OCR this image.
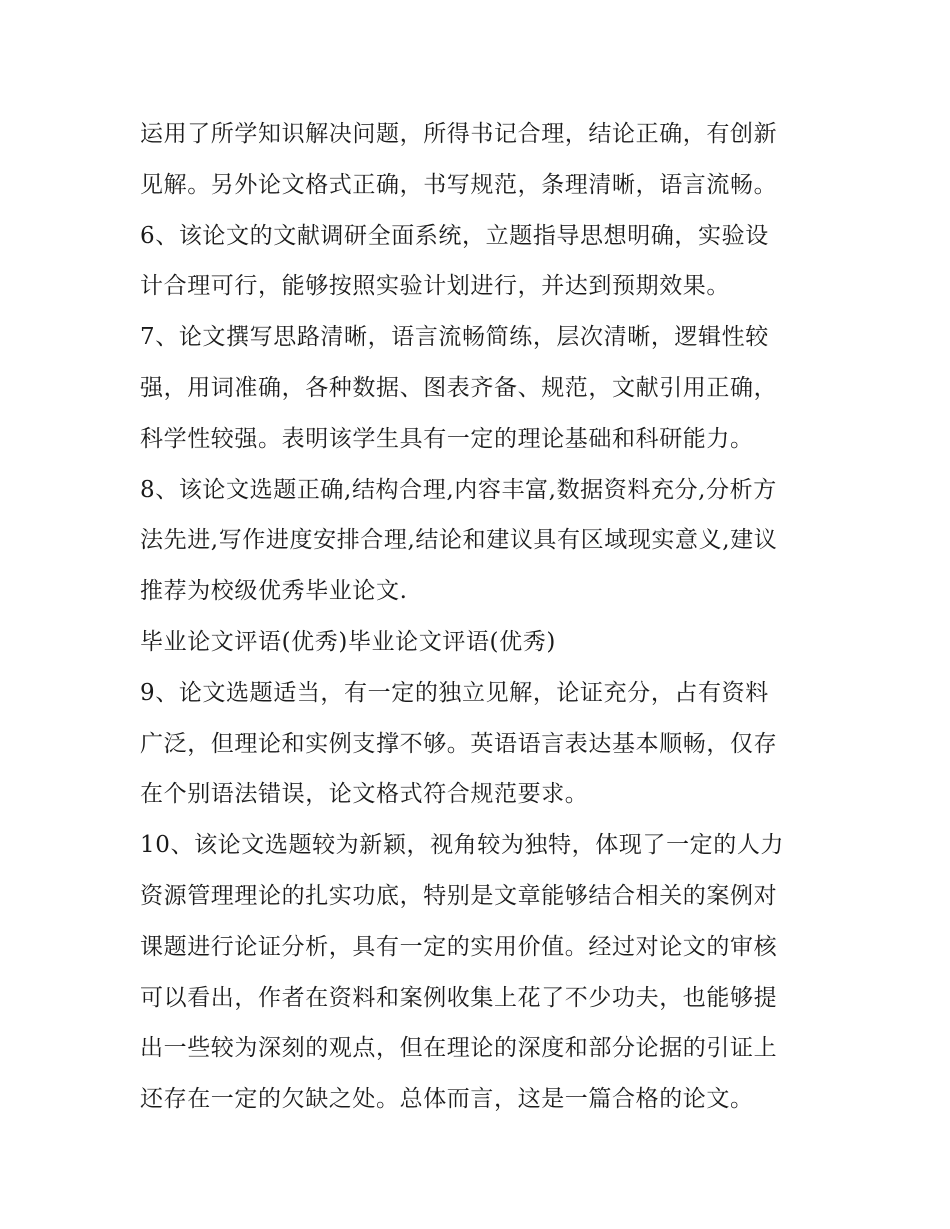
运用了所学知识解决问题，所得书记合理，结论正确，有创新
见解。另外论文格式正确，书写规范，条理清晰，语言流畅。
6、该论文的文献调研全面系统，立题指导思想明确，实验设
计合理可行，能够按照实验计划进行，并达到预期效果。
7、论文撰写思路清晰，语言流畅简练，层次清晰，逻辑性较
强，用词准确，各种数据、图表齐备、规范，文献引用正确，
科学性较强。表明该学生具有一定的理论基础和科研能力。
8、该论文选题正确,结构合理,内容丰富,数据资料充分,分析方
法先进,写作进度安排合理,结论和建议具有区域现实意义,建议
推荐为校级优秀毕业论文.
毕业论文评语(优秀)毕业论文评语(优秀)
9、论文选题适当，有一定的独立见解，论证充分，占有资料
广泛，但理论和实例支撑不够。英语语言表达基本顺畅，仅存
在个别语法错误，论文格式符合规范要求。
10、该论文选题较为新颖，视角较为独特，体现了一定的人力
资源管理理论的扎实功底，特别是文章能够结合相关的案例对
课题进行论证分析，具有一定的实用价值。经过对论文的审核
可以看出，作者在资料和案例收集上花了不少功夫，也能够提
出一些较为深刻的观点，但在理论的深度和部分论据的引证上
还存在一定的欠缺之处。总体而言，这是一篇合格的论文。
